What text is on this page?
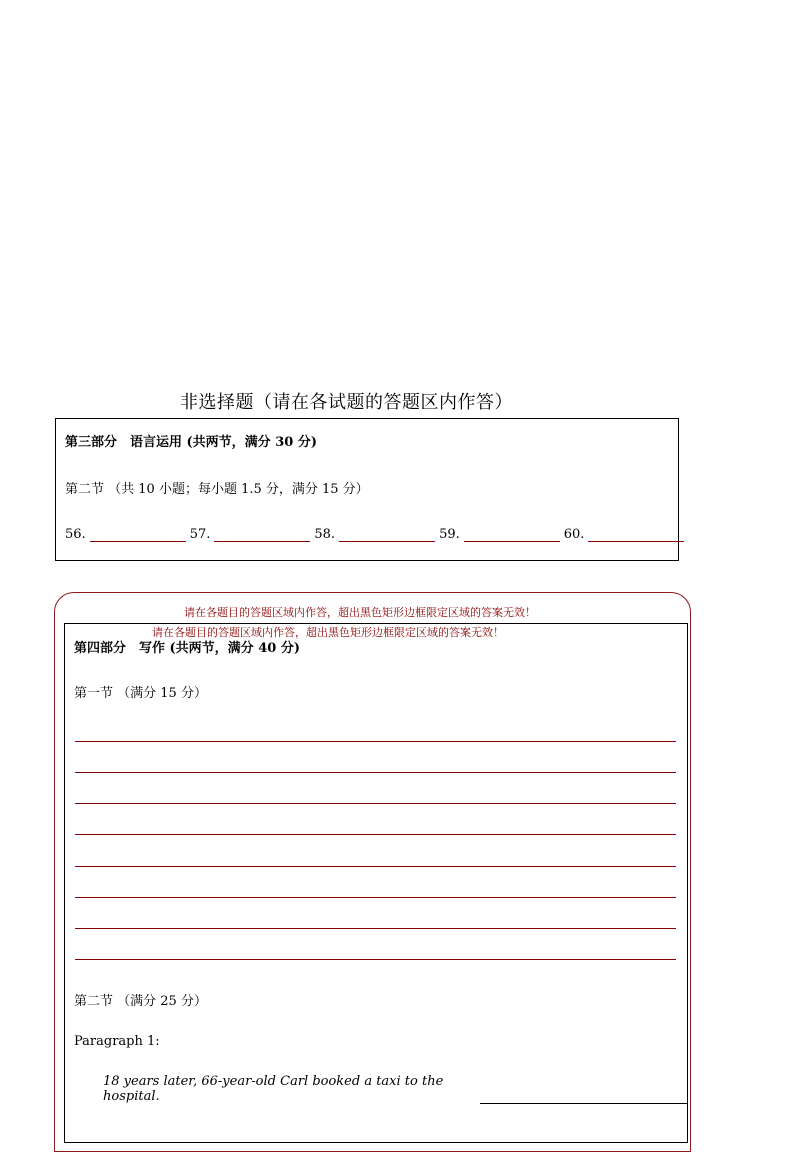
非选择题（请在各试题的答题区内作答）
第三部分　语言运用 (共两节，满分 30 分)
第二节 （共 10 小题；每小题 1.5 分，满分 15 分）
56.	57.	58.	59.	60.
请在各题目的答题区域内作答，超出黑色矩形边框限定区域的答案无效！
第四部分　写作 (共两节，满分 40 分)
第一节 （满分 15 分）
第二节 （满分 25 分）
Paragraph 1:
18 years later, 66-year-old Carl booked a taxi to the hospital.
请在各题目的答题区域内作答，超出黑色矩形边框限定区域的答案无效！
